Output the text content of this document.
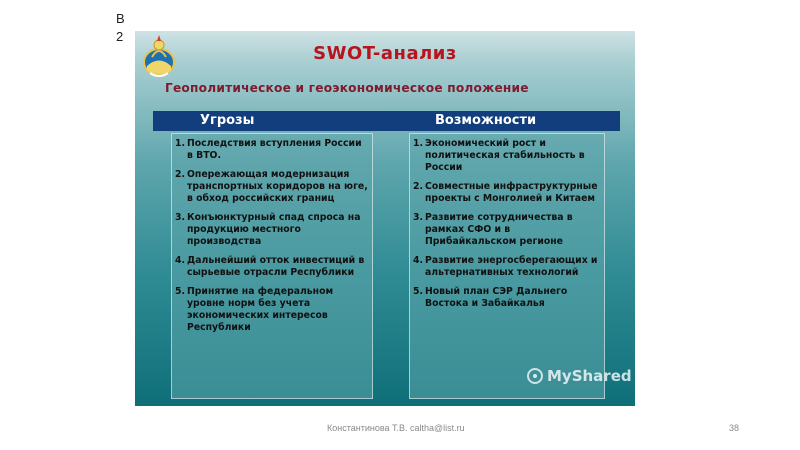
В
2
SWOT-анализ
Геополитическое и геоэкономическое положение
Угрозы	Возможности
1. Последствия вступления России в ВТО.
2. Опережающая модернизация транспортных коридоров на юге, в обход российских границ
3. Конъюнктурный спад спроса на продукцию местного производства
4. Дальнейший отток инвестиций в сырьевые отрасли Республики
5. Принятие на федеральном уровне норм без учета экономических интересов Республики
1. Экономический рост и политическая стабильность в России
2. Совместные инфраструктурные проекты с Монголией и Китаем
3. Развитие сотрудничества в рамках СФО и в Прибайкальском регионе
4. Развитие энергосберегающих и альтернативных технологий
5. Новый план СЭР Дальнего Востока и Забайкалья
MyShared
Константинова Т.В. caltha@list.ru	38
